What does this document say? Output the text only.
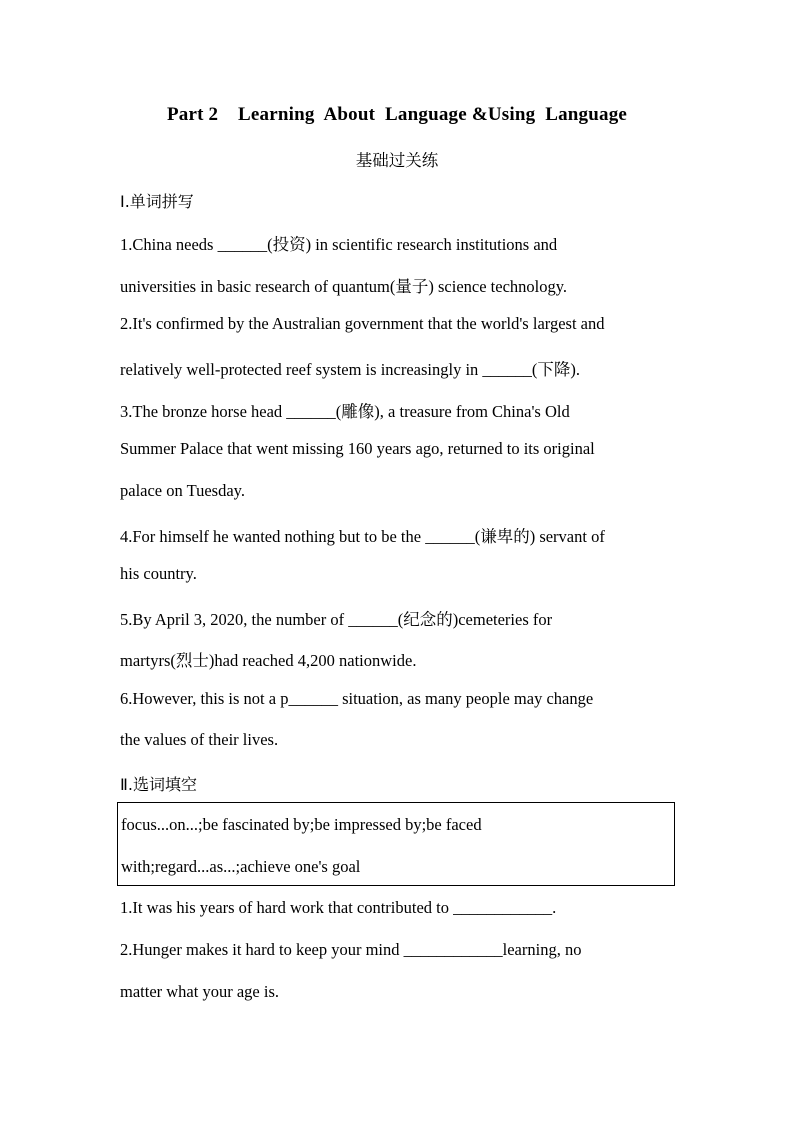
Part 2    Learning  About  Language &Using  Language
基础过关练
Ⅰ.单词拼写
1.China needs ______(投资) in scientific research institutions and
universities in basic research of quantum(量子) science technology.
2.It's confirmed by the Australian government that the world's largest and
relatively well-protected reef system is increasingly in ______(下降).
3.The bronze horse head ______(雕像), a treasure from China's Old
Summer Palace that went missing 160 years ago, returned to its original
palace on Tuesday.
4.For himself he wanted nothing but to be the ______(谦卑的) servant of
his country.
5.By April 3, 2020, the number of ______(纪念的)cemeteries for
martyrs(烈士)had reached 4,200 nationwide.
6.However, this is not a p______ situation, as many people may change
the values of their lives.
Ⅱ.选词填空
focus...on...;be fascinated by;be impressed by;be faced
with;regard...as...;achieve one's goal
1.It was his years of hard work that contributed to ____________.
2.Hunger makes it hard to keep your mind ____________learning, no
matter what your age is.
